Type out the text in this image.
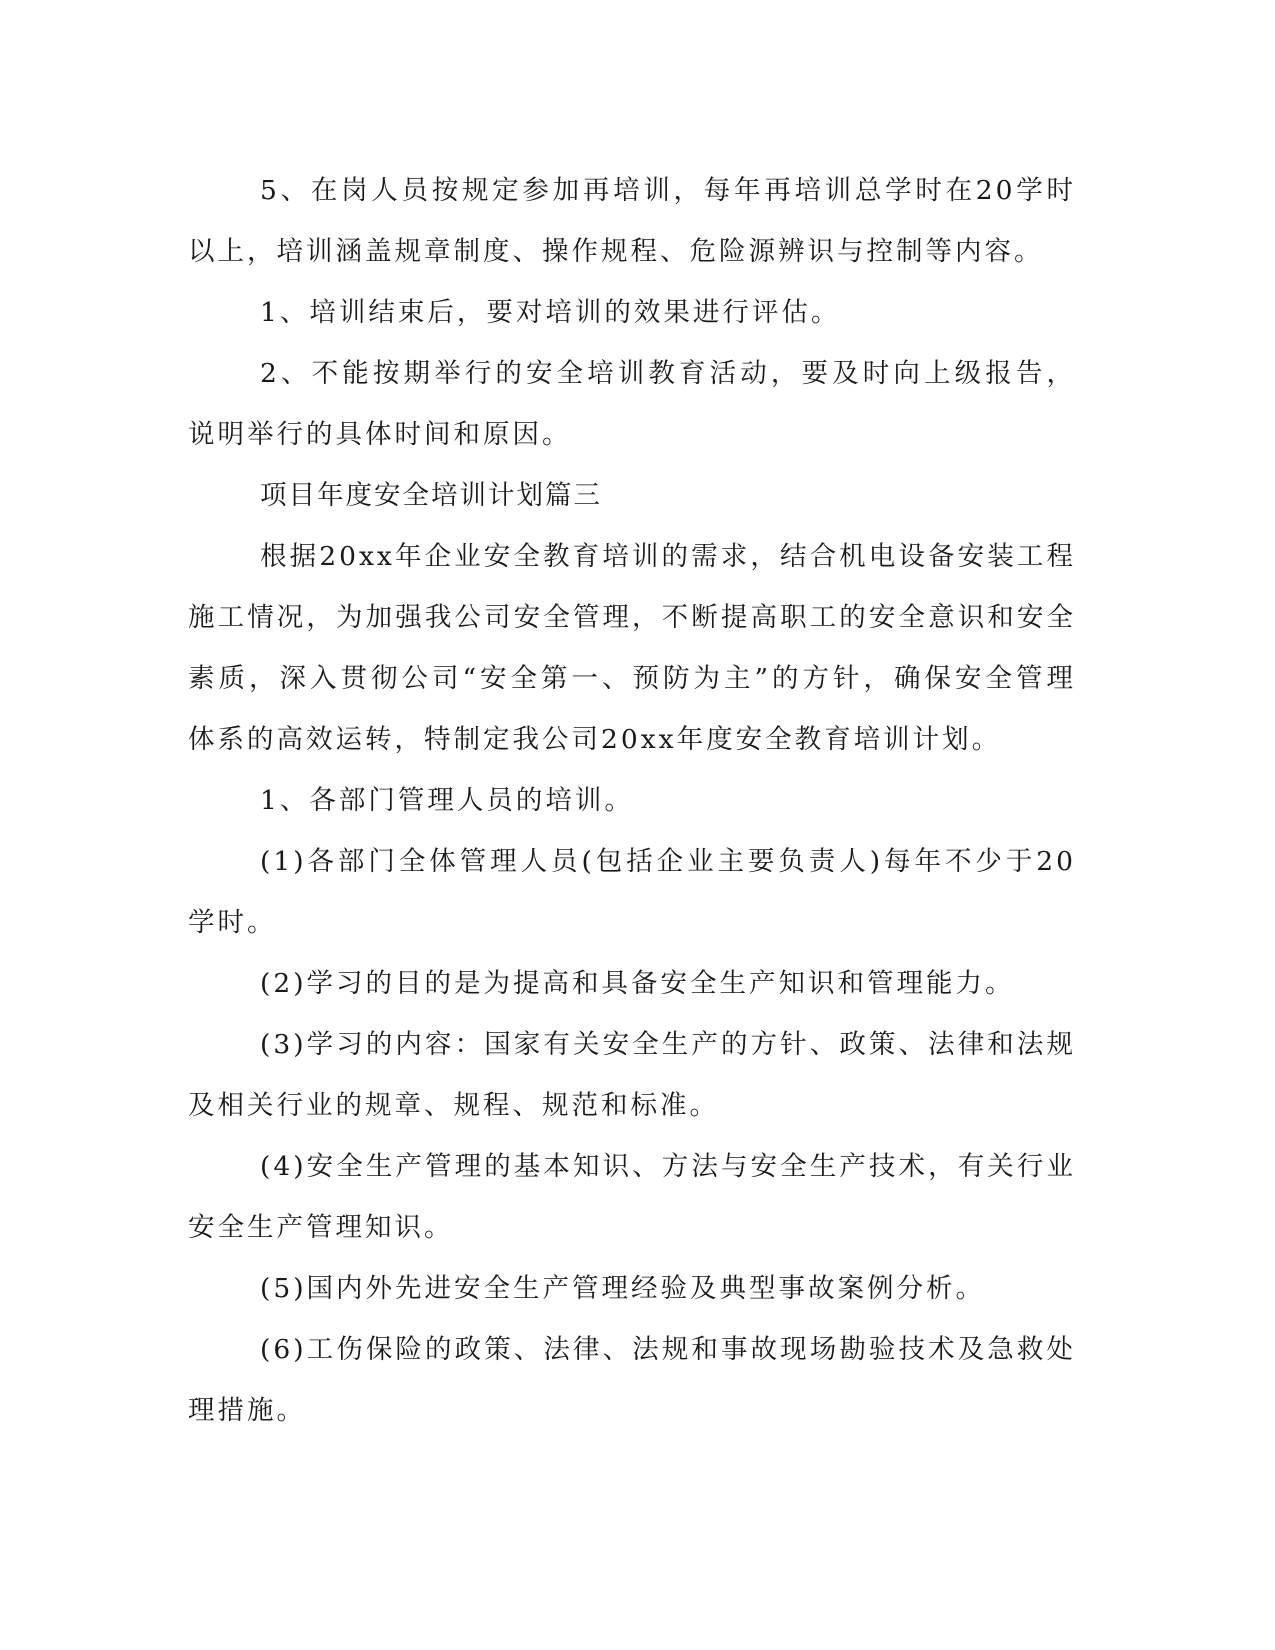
5、在岗人员按规定参加再培训，每年再培训总学时在20学时以上，培训涵盖规章制度、操作规程、危险源辨识与控制等内容。

1、培训结束后，要对培训的效果进行评估。

2、不能按期举行的安全培训教育活动，要及时向上级报告，说明举行的具体时间和原因。

项目年度安全培训计划篇三

根据20xx年企业安全教育培训的需求，结合机电设备安装工程施工情况，为加强我公司安全管理，不断提高职工的安全意识和安全素质，深入贯彻公司“安全第一、预防为主”的方针，确保安全管理体系的高效运转，特制定我公司20xx年度安全教育培训计划。

1、各部门管理人员的培训。

(1)各部门全体管理人员(包括企业主要负责人)每年不少于20学时。

(2)学习的目的是为提高和具备安全生产知识和管理能力。

(3)学习的内容：国家有关安全生产的方针、政策、法律和法规及相关行业的规章、规程、规范和标准。

(4)安全生产管理的基本知识、方法与安全生产技术，有关行业安全生产管理知识。

(5)国内外先进安全生产管理经验及典型事故案例分析。

(6)工伤保险的政策、法律、法规和事故现场勘验技术及急救处理措施。
